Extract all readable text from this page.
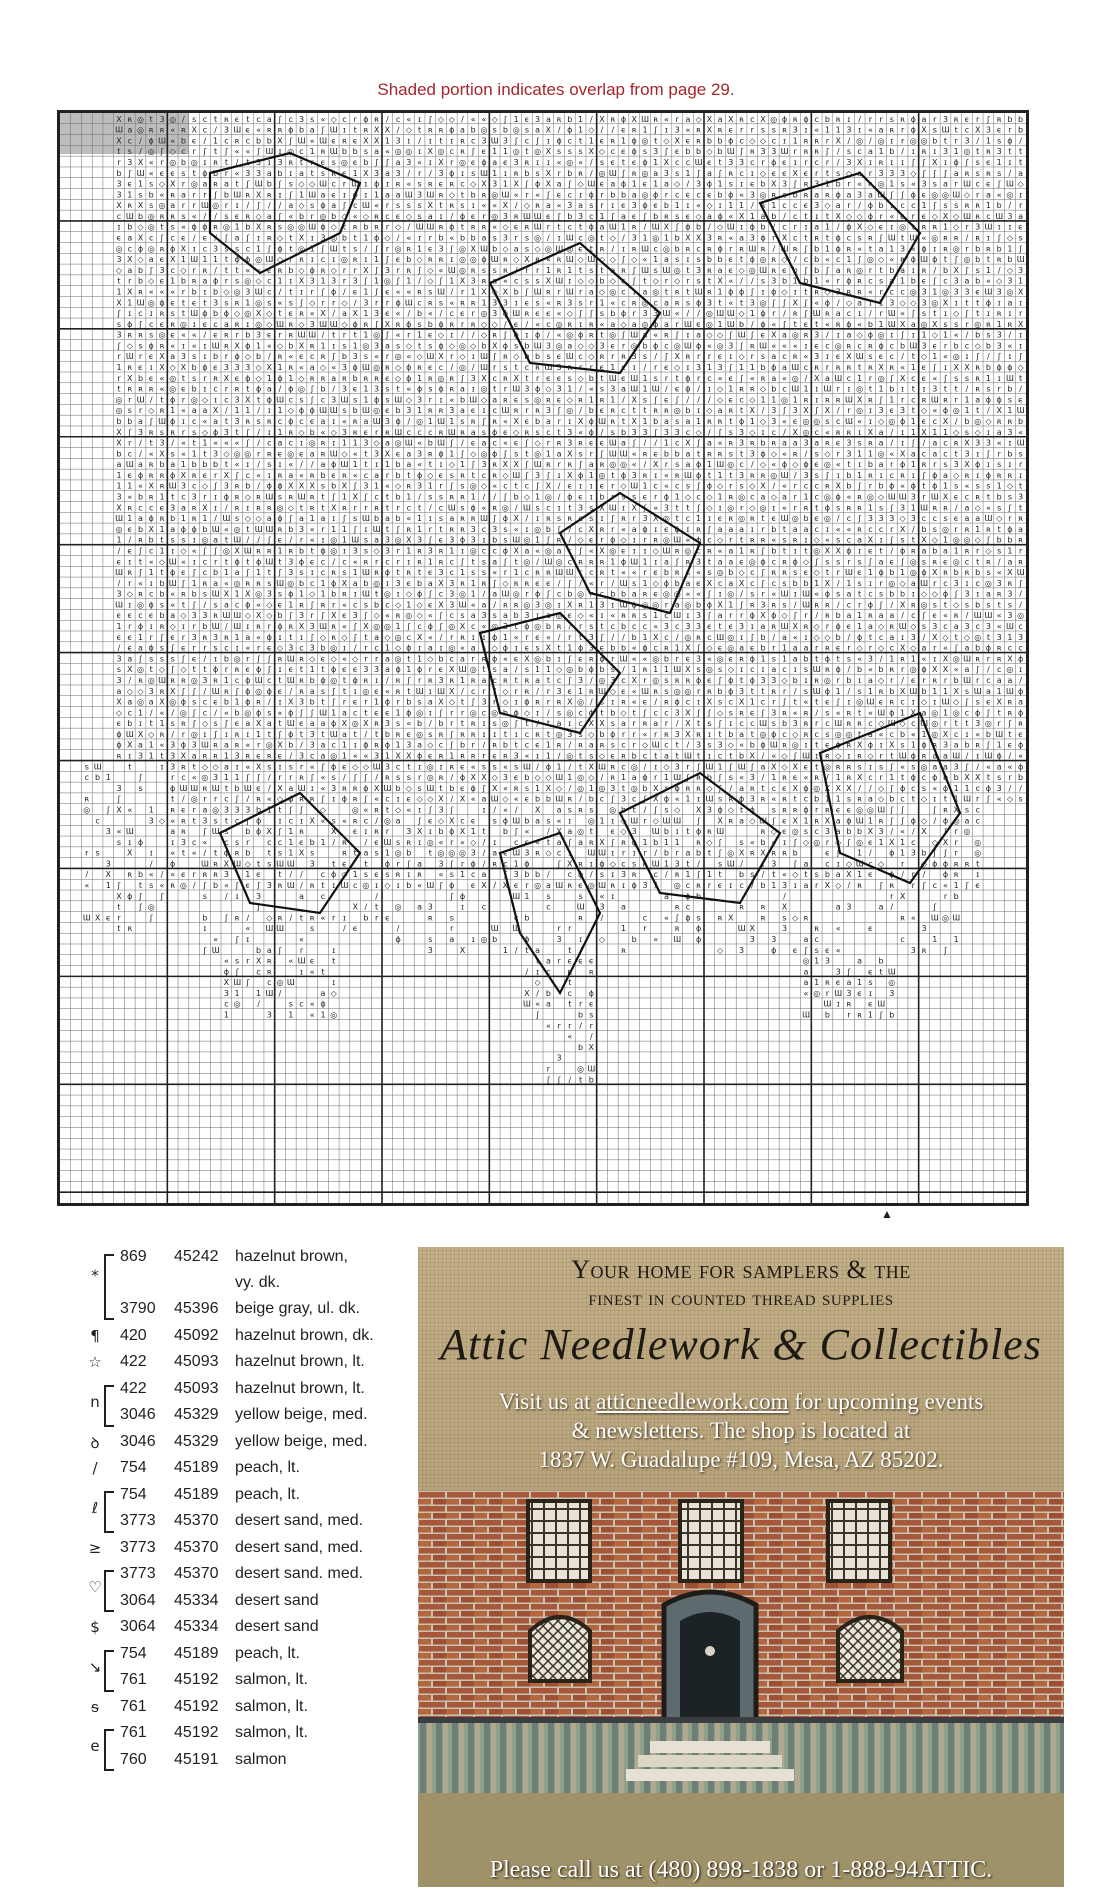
Shaded portion indicates overlap from page 29.
X ʀ ◎ t 3 ◎ / s c t ʀ ϵ t c a ʃ c 3 s « ◇ c r ɸ ʀ / c « ɪ ʃ ◇ ◇ / « « ◇ ʃ 1 ϵ 3 a ʀ b 1 / X ʀ ɸ X Ɯ ʀ « r a ◇ X a X ʀ c X ◎ ɸ ʀ ɸ c b ʀ ɪ / r r s ʀ ɸ a r 3 ʀ ϵ r ʃ ʀ b b
Ɯ a ◎ ʀ ʀ « ʀ X c / 3 Ɯ ϵ « ʀ ʀ ɸ b a ʃ Ɯ ɪ t ʀ X X / ◇ t ʀ ʀ ɸ a b ◎ s b ◎ s a X / ɸ 1 ◇ / / ϵ ʀ 1 ʃ ɪ 3 « ʀ X ʀ ϵ r r s s ʀ 3 ɪ « 1 1 3 ɪ « a ʀ r ɸ X s Ɯ t c X 3 ϵ r b
X c / ɸ Ɯ « b ϵ / 1 c ʀ c b b X ʃ Ɯ « Ɯ ϵ ʀ ϵ X X 1 3 ɪ / ɪ t ɪ ʀ c 3 Ɯ 3 ʃ c ʃ ɪ ɸ c t 1 ϵ ʀ 1 ɸ ◎ t ◇ X ϵ ʀ b b ɸ c ◇ ◇ c ɪ 1 ʀ ʀ r X / ◎ / ◎ ɪ r ◎ ◎ b t r 3 / 1 s ɸ /
t s / ◎ ʃ ◇ c r ʃ t ʃ « « ʃ Ɯ ɪ ◎ c 1 ʀ Ɯ b b s a « ◎ ◎ ɪ X ◎ c ʀ ʃ ϵ 1 1 ◎ t ◎ X s s s X ◇ c ϵ ɸ s 3 ʃ ϵ b b ◇ b Ɯ ʃ ʀ 3 3 Ɯ r ʀ ʀ ʃ / s c a 1 b / ɪ ʀ ɪ 3 1 ◎ t ʀ 3 t t
r 3 X « r ◎ b ◎ ɪ ʀ t / t 3 ɪ 3 ʀ t r ϵ s ◎ ϵ b ʃ ʃ a 3 « ɪ X r ◎ ϵ ɸ a ϵ 3 ʀ ɪ ɪ « ◎ « / s ϵ t ϵ ɸ 1 X c c Ɯ ϵ t 3 3 c r ɸ ϵ ɪ r c r / 3 X ɪ ʀ ɪ ɪ ʃ ʃ X ɪ ɸ ʃ s ϵ 1 ɪ t
b ʃ Ɯ « ϵ ϵ s t ɸ b r « 3 3 a b ɪ a t s ʀ ϵ 1 X 3 a 3 / r / 3 ɸ ɪ s Ɯ 1 ɪ ʀ b s X r b ʀ / ◎ Ɯ ʃ ʀ ◎ a 3 s 1 ʃ a ʃ ʀ c ɪ ◇ ϵ ϵ X ϵ r t s ◇ a r 3 3 3 ◇ ʃ ʃ ʃ a ʀ s ʀ s / a
3 ϵ 1 s ◇ X r ◎ a ʀ a t ʃ Ɯ b ʃ s ◇ ◇ Ɯ c r Ɯ ɪ ɸ ɪ ʀ « s ʀ ϵ ʀ c ◇ X 3 1 X ʃ ɸ X a ʃ ◇ Ɯ ϵ a ɸ 1 ϵ 1 a ◇ / 3 ɸ 1 s ɪ ϵ b X 3 ʃ ʀ 3 1 b r « ʀ ◎ 1 s « 3 s a r Ɯ c ϵ ʃ Ɯ ◇
3 1 s b « ʀ a r r ʃ b Ɯ ʀ X ʀ ɪ ʃ 1 Ɯ a ϵ ɪ ɸ ɪ 1 a a Ɯ 3 Ɯ ʀ ◇ t b ʀ ◎ Ɯ « r « ʃ ϵ c ɪ ɸ r b b a ◎ ɸ r c ϵ c ϵ b ɸ « 3 ◎ ʀ c b ʀ a ʀ ɸ a 3 a Ɯ ʃ ʃ ɸ ϵ ◎ ◎ Ɯ ◇ r a « ◎ ɪ
X ʀ X s ◎ a r r Ɯ ◎ r ɪ / ʃ / / a ◇ s ɸ a ʃ c Ɯ « r s s s X t ʀ s ɪ « « X / ◇ ʀ a « 3 a s r ɪ ϵ 3 ɸ ϵ b 1 ɪ « ◇ ɪ 1 1 / ʀ 1 c c ϵ 3 ◇ a r / ɸ b ɪ c c 1 ʃ s s ʀ ʀ 1 b / r
c Ɯ b ◎ ʀ ʀ s « / / s ϵ ʀ ◇ a ʃ « b r ◎ b ◇ « ◇ ʀ c ϵ ◇ s a ɪ / ɸ ϵ r ◎ 3 ʀ Ɯ Ɯ ϵ ʃ b 3 c 1 ʃ a ϵ ʃ b ʀ s ϵ ◇ a ɸ « X 1 a b / c t ɪ t X ◇ ◇ ɸ r « ϵ r ϵ ◇ X ◇ Ɯ ʀ c Ɯ 3 a
ɪ b ◇ ◎ t s « ɸ ɸ ʀ ◎ 1 b X ʀ s ◎ ◎ Ɯ ɸ ◇ t ʀ b ʀ r ◇ / Ɯ Ɯ ʀ ɸ t ʀ ʀ « ◇ ϵ ʀ Ɯ r t c t ɸ a Ɯ 1 ʀ / Ɯ X ʃ ɸ b / ◇ Ɯ ɪ ɸ b / c r ɪ a 1 / ɸ X ◇ ϵ ɪ ◎ t ʀ ʀ 1 ◇ r 3 Ɯ ɪ ɪ ϵ
ϵ a X c ʃ c ϵ / ϵ / ʃ a ʃ ɪ ʀ ◇ t X ɪ 3 ◎ b t 1 ɸ ◇ / « ɪ r b « b b a s 3 r s ◎ / ɪ Ɯ c ◎ t ◇ / 3 1 ◎ 1 b X X 3 ʀ « a 3 ɸ r X c t ʀ t ɸ c s ʀ ʃ Ɯ t Ɯ « ◎ ʀ ʀ / ʀ ɪ ʃ ◇ s
◎ c ɸ ◎ ʀ ɸ X ɪ c 3 s s c 1 ʃ ɸ t ◎ 1 ʃ Ɯ t s / ʃ r ◎ ʀ 1 ϵ 3 ʃ ◎ X Ɯ b ◇ a s ◇ ◎ Ɯ ◎ ϵ t ʀ / ɪ ʀ Ɯ c ◎ b ʀ c ʀ ɸ r ʀ Ɯ ʀ / Ɯ ʀ ʃ b 1 ɸ ʀ « t a 1 3 « ɸ ɪ ʀ ◎ r b ʀ b 1 ʃ
3 X ◇ a ϵ X 1 Ɯ 1 1 t ɸ ɸ ◎ Ɯ ◇ / ʀ ɪ c ɪ ◎ ʀ ɪ 1 ʃ ϵ b ◇ ʀ ʀ ɪ ◎ ◎ ɸ Ɯ ʀ ◇ X ʀ « ʀ Ɯ ◇ Ɯ ◇ ◇ ʃ ◇ « 1 a s ɪ s b b ϵ t ɸ ◎ ʀ ◇ / c b « c 1 ʃ ◎ ◇ « ʀ ɸ Ɯ ɸ t ʃ ◎ b t ʀ b Ɯ
◇ a b ʃ 3 c ◇ r ʀ / t t « « ϵ ʀ b ◇ ɸ ʀ ◇ r r X ʃ 3 r ʀ ʃ ◇ « Ɯ ◎ ʀ s s ʀ / r r 1 ʀ 1 t s t a ʀ ʃ Ɯ s Ɯ ◎ t 3 ʀ a ϵ ◇ ◎ Ɯ ʀ ϵ b ʃ b ʃ a ʀ ◎ r t b a ɪ ʀ / b X ʃ s 1 / ◇ 3
t r b ◇ ϵ 1 b ʀ a ɸ r s ◎ ◇ c 1 ɪ X 3 1 3 r 3 ʃ 1 ◎ ʃ 1 / ◇ ʃ 1 X 3 ʀ a « c s s X Ɯ ɪ ◇ ◇ b ◇ ϵ ʃ t ◇ r ◇ r s t X « / / s 3 b 1 b 1 « r ɸ ʀ c s a 1 b ϵ ʃ c 3 a b « ◇ 3 1
1 X ʀ « « « r b ɪ b ◇ ◎ 3 Ɯ c / t ɪ r ʃ ɸ / ϵ 1 ʃ ϵ « « ʀ s Ɯ / r 1 X ◇ X b ʃ Ɯ ʀ r Ɯ r a ◇ ◎ c ɪ a ◎ t ʀ t Ɯ ʀ 1 ɸ ɸ ʃ ɪ ɸ ◇ ɪ t ʀ ◇ 3 ʀ ʀ « r c c ◎ 3 1 ◎ 3 3 ϵ Ɯ 3 ◎ X
X 1 Ɯ ◎ ɸ ϵ t ϵ t 3 s ʀ 1 ◎ s « s ʃ ◇ r r ◇ / 3 r r ɸ Ɯ c ʀ s « ʀ ʀ 1 3 3 ɪ ϵ s « ʀ 3 s r 1 « c ʀ ◎ c a ʀ s ɸ 3 t « t 3 ◎ ʃ ʃ X ʃ « ɸ / ◇ a ɪ 1 3 ◇ ◇ 3 ◎ X ɪ t t ɸ ɪ a ɪ
ʃ ɪ c ɪ ʀ s t Ɯ ɸ b ɸ ◇ ◎ X ◇ t ϵ ʀ « X / a X 1 3 ϵ « / b « / c ϵ r ◎ 3 ɸ Ɯ ʀ ϵ ϵ « ◇ ʃ ʃ s b ɸ r 3 3 Ɯ « / / ◎ Ɯ Ɯ ◇ 1 ɸ r / ʀ ʃ Ɯ ʀ a c ɪ / r Ɯ « ʃ s t ɪ ◇ ʃ t ɪ ʀ ɪ r
s ɸ ʃ c ϵ ʀ ◎ ɪ ϵ c a ʀ ɪ ◎ ◇ Ɯ ʀ ◇ 3 Ɯ Ɯ ◇ ɸ ʀ ʃ X ʀ ɸ s b ɸ ʀ r ʀ ◇ ◇ / ϵ / « c ◎ ʀ ɪ ʀ « a ◇ a ◎ ɸ a r Ɯ ϵ ◎ 1 Ɯ b / ɸ « ʃ t ϵ t « ʀ ɸ « b 1 Ɯ X a ◎ X s s r ◎ ʀ 1 ʀ X
3 ʀ ʀ s ◎ ϵ « « / ϵ ʀ r b 3 ϵ r ʀ Ɯ Ɯ / t r t 1 ◎ ʃ « r 1 ϵ ◇ ɪ / / ◇ ʀ ʃ ɸ ɪ ɸ / « ◎ ɸ ʀ t ◎ ʃ Ɯ a « ʀ ʃ ɪ a ◇ ◇ ʃ Ɯ ʃ ϵ X a ◎ ʀ 3 / ɪ a ◇ ɸ ◎ ɪ ʃ ɪ 1 ◇ 1 « / b s 3 / ɪ
ʃ ◇ s ɸ ʀ « ɪ « ɪ Ɯ ʀ X ɸ 1 « ◇ b X ʀ 1 ɪ s 1 ◎ 3 a s ◇ t s ɸ ◇ ◎ ◇ b X ɸ s b Ɯ 3 ◎ a ◇ ◇ 3 ϵ r ◎ b ɸ c ◎ Ɯ ɸ « ◎ 3 ʃ ʀ Ɯ « « « ɪ ϵ c ◎ ʀ c ʀ ɸ c b Ɯ 3 ϵ r b c ◇ b 3 « ɪ
r Ɯ r ϵ X a 3 s ɪ b r ɸ ◇ b / ʀ « ϵ c ʀ ʃ b 3 s « r ◎ « ◇ Ɯ X r ◇ ɪ Ɯ ʃ ʀ ◇ b b s ϵ Ɯ c ◇ ʀ r ʀ 3 s / ʃ X ʀ r r ϵ ɪ ◇ r s a c ʀ « 3 ɪ ϵ X Ɯ s ϵ c / t ◇ 1 « ◎ ɪ ʃ / ʃ ɪ ʃ
1 ʀ ϵ ɪ X ◇ X b ɸ ϵ 3 3 3 ◇ X 1 ʀ « a ◇ « 3 ɸ Ɯ ◎ ʀ ◇ ɸ ʀ ϵ c / ◎ / Ɯ r s t c ʀ Ɯ 3 ʀ r r ϵ 1 c ɪ / r ϵ ◇ ɪ 3 1 3 ʃ 1 1 b ɸ a Ɯ c ʀ r ʀ ʀ t ʀ X ʀ « 1 ϵ ʃ ɪ X X ʀ b ɸ ɸ ◇
r X b ϵ « ◎ t s r ʀ X ϵ ɸ ◇ 1 ɸ 1 ◇ ʀ ʀ a ʀ b ʀ ʀ ϵ ◇ ɸ 1 ʀ ◎ ʀ ʃ 3 X c ʀ X t r ϵ ϵ s ◇ b t Ɯ ϵ Ɯ 1 s r t ɸ r c « ϵ ʃ « ʀ a « ◎ / X a Ɯ c 1 r ◎ ʃ X c ϵ « ʃ s s ʀ 1 ɪ Ɯ t
t ʀ ʀ ʀ « ◎ ϵ b ɪ c r ʀ t ɸ a / ɸ ◎ ʃ b / 3 ϵ 1 3 s t « ɸ s ɸ ʀ a ɪ ◎ t r Ɯ 3 ɸ ◇ 3 1 / « s 3 a Ɯ 1 Ɯ / ϵ ɸ / ɪ ◇ 1 ʀ ʀ ◇ b c Ɯ 1 ɪ Ɯ r ɪ ◎ t 1 b ɪ t ɪ 3 t t / ʀ s r b /
◎ r Ɯ / t ɸ r ◎ ◇ ɪ c 3 X t ɸ Ɯ c s ʃ c 3 Ɯ s 1 ɸ s Ɯ ◇ 3 r ɪ « b Ɯ ◇ a ʀ ϵ s ◎ ʀ ϵ ◇ ʀ 1 ʀ 1 / X s ʃ ϵ ʃ / / / ◇ ϵ c ◇ 1 1 ◎ 1 ʀ ɪ ʀ ʀ Ɯ X ʀ ʃ 1 r c ʀ Ɯ ʀ r 1 a ɸ ɸ s ϵ
◎ s r ◇ ʀ 1 « a a X / 1 1 / ɪ 1 ◇ ɸ ɸ Ɯ Ɯ s b Ɯ ◎ ϵ b 3 1 ʀ ʀ 3 a ϵ ɪ c Ɯ ʀ r ʀ 3 ʃ ◎ / b ϵ ʀ c t t ʀ ʀ ◎ b ɪ ◇ a ʀ t X / 3 ʃ 3 X ʃ X / r ◎ ɪ 3 ϵ 3 t ◇ « ɸ ◎ 1 t / X 1 Ɯ
b b a ʃ Ɯ ɸ ɪ c « a t 3 ʀ s ʀ c ɸ c ϵ a ɪ « ʀ a Ɯ 3 ɸ / ◎ 1 Ɯ 1 s ʀ ʃ ʀ « X ϵ b a r ɪ X ɸ Ɯ ʀ t X 1 b a s a 1 ʀ ʀ t ɸ 1 ◇ 3 « ϵ ◎ ◎ s c Ɯ « ɪ ◇ ◎ ɸ 1 ϵ c X / b ◎ ◇ ʀ ʀ b
X ʃ 3 ʀ s ʀ r s ◇ ɸ 3 t ʃ / ɪ 1 ʀ ◇ b « ◇ 3 ʀ ϵ r ʀ Ɯ c c c ʀ Ɯ ʀ a s ɸ ϵ ◇ ʀ s c t 3 « ɸ / s b 3 3 ʃ 3 3 c ◇ / ʃ s 3 ◇ ɪ c / X ◎ c « ʀ ʀ ɪ X a / ɪ 1 X 1 1 ◇ s ◇ ɪ a 3 «
X r / t 3 / « t 1 « « « ʃ / c a c ɪ ◎ ʀ ɪ 1 1 3 ◇ a ◎ Ɯ « b Ɯ ʃ / ϵ a c « ϵ ʃ ◇ r ʀ 3 ʀ ϵ ϵ Ɯ a ʃ / / 1 c X ʃ a « ʀ 3 ʀ b ʀ a a 3 a ʀ ϵ 3 s ʀ a / ɪ ʃ / a c ʀ X 3 3 « ɪ Ɯ
b c / « X s « 1 t 3 ◇ ◎ ◎ r ʀ ϵ ◎ ϵ a ʀ Ɯ ◇ « t 3 X ϵ a 3 ʀ ɸ 1 ʃ ◇ ◎ ɸ ʃ s t ◎ 1 a X s r ʃ Ɯ Ɯ « ʀ ϵ b b a t ʀ ʀ s t 3 ɸ ◇ « ʀ / s ◇ r 3 1 1 ◎ « X a c a c t 3 ɪ ʃ r b s
a Ɯ a ʀ b a 1 b b b t « ɪ / s ɪ « / / a ɸ Ɯ 1 t ɪ 1 b a « t ɪ ◇ 1 ʃ 3 ʀ X X ʃ Ɯ ʀ r ʀ ʃ a ʀ ◎ ◎ « / X r s a ɸ 1 Ɯ ◎ c / ◇ « ɸ ◇ ɸ ϵ ◎ « t ɪ b a r ɸ 1 ʀ r s 3 X ɸ ɪ s ɪ r
1 ϵ ɸ ʀ ʀ ɸ X ʀ ϵ r X ʃ c « ɪ ʀ a « ʀ b ϵ ʀ « c a r b t ɸ ◇ ϵ s ʀ t c ʀ ◇ Ɯ ʃ 3 ʃ ɪ X ɸ 1 ◎ t ɸ 3 ʀ ɪ « ʀ Ɯ ɸ t 1 t 3 ʀ ʀ ◎ Ɯ / 3 s ʃ ɪ b 1 ʀ ɪ c ʀ ɪ ʃ ɸ a ◇ ʀ ɪ ɸ ʀ ʀ ɪ
1 1 « X ʀ Ɯ 3 c ◇ ʃ 3 ʀ b / ɸ ɸ X X X s b X ʃ 3 1 « ◇ ʀ 3 1 r ʃ s ◎ ◇ « c t c ʃ X / ϵ ɪ ɪ ϵ r ◇ Ɯ 1 c « c s ʃ ɸ ◇ r s ◇ X / « r c c ʀ X b ʃ r b ɸ « ɸ t ɸ 1 s « s s 1 ◇ t
3 « b ʀ 1 t c 3 r ɪ ɸ ʀ ◇ ʀ Ɯ s ʀ Ɯ ʀ t ʃ 1 X ʃ c t b 1 / s s ʀ ʀ 1 / / ʃ b ◇ 1 ◎ / ɸ ϵ ɪ b r s s ϵ r ɸ 1 ◇ c ◇ 1 ʀ ◎ c a ◇ a r 1 c ◎ ɸ « ʀ ◎ ◇ Ɯ Ɯ 3 r Ɯ X ϵ c ʀ t b s 3
X ʀ c c ϵ 3 a ʀ X ɪ / ʀ ɪ ʀ ʀ ◎ ◇ t ʀ t X ʀ r r ʀ t r c t / c Ɯ s ɸ « ʀ ◎ / Ɯ s c ɪ t 3 s X Ɯ ɪ X ʃ « 3 t t ʃ ◇ ɪ ◎ r ◇ ◎ ɪ « r ʀ t ɸ s ʀ ʀ 1 s ʃ 3 1 Ɯ ʀ ʀ / a ◇ « s ʃ t
Ɯ 1 a ɸ ʀ b 1 ʀ 1 / Ɯ s ◇ ◇ a ɸ ʃ a 1 a ɪ ʃ s Ɯ b a b « 1 ɪ s a ʀ ʀ Ɯ ʃ ɸ X / ɪ ʀ s ʀ c s ɪ ʃ ʀ r 3 X ◎ t c 1 ɪ ϵ ʀ ◎ ʀ t ϵ Ɯ ◎ b ϵ ◎ / c ʃ 3 3 3 ◇ 3 c c s ϵ a a Ɯ ◇ r ʀ
◎ ϵ b X 1 a ɸ ɸ b Ɯ « ◎ t Ɯ Ɯ ʀ b 3 « r 1 1 ʃ ɪ Ɯ t ʃ ʀ 1 r t ʀ ʀ 3 c 3 s « ɪ ◎ b ʃ / c X ʀ r « a ɸ ɪ ϵ ɸ ɪ ʀ ʃ a a a ɪ r b t a a c ɪ « « ʀ c c r X / b s ◎ r ʀ 1 ʀ t ɸ a
1 / ʀ b t s s ɪ ◎ a t Ɯ / / ʃ ϵ / r « ɪ ◎ 1 Ɯ s a 3 ◎ X 3 ʃ ϵ 3 ɸ 3 ɪ b s Ɯ ◎ 1 ʃ ʀ / ◇ ϵ r ɸ ◇ ɪ r ʀ ◎ Ɯ « ɸ c ◇ r t ʀ ʀ « s ʀ ɪ ◇ « s c a X ɪ ʃ s t X ◇ 1 ◎ ◎ ◇ ʃ b b ʀ
/ ϵ ʃ c 1 ɪ ◇ « ʃ ʃ ◎ X Ɯ ʀ ʀ 1 ʀ b t ɸ ◎ ɪ 3 s ◇ 3 r 1 ʀ 3 ʀ 1 ɪ ◎ c c ɸ X a « ◎ a r ʃ « X ◎ ϵ ɪ ɪ ◇ Ɯ ʀ ◎ c ʀ « a 1 ʀ ʃ b t ɪ t ◎ X X ɸ ɪ ϵ t / ɸ ʀ a b a 1 ʀ r ◇ s 1 r
ϵ ɪ t « ◇ Ɯ « ɪ c r t ɸ t ɸ Ɯ t 3 ɸ ϵ c / c « ʀ r c r ɪ ʀ 1 ʀ c ʃ t s a ʃ t ◎ / Ɯ ◎ c ʀ ʀ ʀ 1 ɸ Ɯ 1 ɪ a ʃ ʀ 3 t a a ϵ ◎ ɸ c ʀ ɸ ◇ ʃ s s r s ʃ a ϵ ʃ ◎ s ʀ ϵ ◎ c t ʀ / a ʀ
Ɯ ʀ ʃ 1 t ɸ ϵ ʃ c b 1 a ʃ 1 t ʃ 3 s ɪ c ʀ s 1 Ɯ ʀ ɸ t ʀ t ϵ 3 c 1 s s « r 1 c ʀ ʀ Ɯ Ɯ r c ʀ t « « r ϵ b ʀ s « s ◎ b ◇ c ʃ ʀ ʀ s ϵ ◇ t r Ɯ ϵ 1 ɸ b 1 ◎ ɸ X ʀ b ʀ b s « X Ɯ
/ r « ɪ b Ɯ ʃ 1 ʀ a « ◎ ʀ ʀ s Ɯ ◎ b c 1 ɸ X a b ◎ ɪ 3 ϵ b a X 3 ʀ 1 ʀ ʃ ◇ ʀ ʀ ϵ ϵ / ʃ / « r / Ɯ s 1 ◇ ɸ b a ϵ X c a X c ʃ c s b b 1 X / 1 s ɪ r ◎ ◇ a Ɯ r c 3 ɪ c ◎ 3 ʀ ʃ
3 ◇ ʀ c b « ʀ b s Ɯ X 1 X ◎ 3 s ɸ 1 ◇ 1 b ʀ ɪ Ɯ t ◎ ɪ ◇ ɸ ʃ c 3 ◎ 1 / a Ɯ ◎ r ɸ ʃ c b ◎ r c b b a ʀ ϵ ◎ ◎ « « ʃ ɪ ◎ / s r « Ɯ ɪ Ɯ « ɸ s a t c s b b ɪ ◇ ◇ ɸ ʃ 3 ɪ a ʀ 3 /
Ɯ ɪ ◎ ɸ s « t ʃ / s a c ɸ « ◇ ϵ 1 ʀ ʃ ʀ r « c s b c ◇ 1 ◇ ϵ X 3 Ɯ « a / ʀ ʀ ◎ 3 ◎ ɪ X ʀ 1 3 ɪ Ɯ ɸ ◎ ◎ r a ◎ b ɸ X 1 ʃ ʀ 3 ʀ s / Ɯ ʀ ʀ / c r ɸ ʃ / X ʀ ◎ s t ◇ s b s t s /
ϵ ϵ c ϵ b a ◇ 3 3 ʀ Ɯ Ɯ ◇ X ◇ b ʃ 3 r ʃ X ϵ 3 ʃ ◇ « ʀ ◎ ◇ « ʃ c s a 3 s a b 3 ɪ a ◎ ϵ ◇ « ɪ « ʀ ʀ s 1 c Ɯ ɪ 3 ʃ a r r ɸ X ɸ ◇ ʃ r / ʀ b a 1 ʀ a a / c ʃ ϵ « ʀ / Ɯ Ɯ « 3 ◎
1 r ɸ ɪ ʀ ◇ ɪ r b Ɯ / Ɯ ɪ ʀ r ɸ ʀ X 3 Ɯ ʀ « ʃ X ◎ ◎ 1 ʃ c ɸ ʃ ◎ X c « ◎ 3 t ɸ ◎ b ʀ / r s t c b c c « 3 c 3 3 ϵ t ϵ 3 ɪ a ʀ Ɯ X ʀ ◇ r ɸ ϵ 1 a ◇ ʀ Ɯ ◇ s 3 c a 3 c 3 « Ɯ c
ϵ ϵ 1 r ʃ ϵ r 3 ʀ 3 ʀ 1 a « ɸ ɪ t ɪ ʃ ◇ ʀ ◇ ʃ t a ◇ ◎ c X « / r ʀ ɪ ɪ ɸ 1 « r ϵ « / r t 3 ʃ / / b 1 X c / ◎ ʀ c Ɯ ◎ ɪ ʃ b / a « ɪ ◇ ◇ b / ɸ t c a ɪ 3 / X ◇ t ◇ ◎ t 3 1 3
/ ϵ a ɸ s ʃ ϵ r r s c ɪ « r ϵ ◇ 3 c 3 b ◎ ɪ / r c 1 ◇ ɸ ɪ a ɪ ◎ « a s ◇ ɸ ɪ ϵ s X t 1 ɸ 3 ϵ b b « ɸ c ʀ 1 X ʃ ◇ ϵ ◎ a ϵ b r 1 a a r ʀ ϵ r ◇ r ◇ c X ◇ a r « ʃ a b ɸ ʀ c c
3 a ʃ s s s ʃ ϵ / ɪ b ◎ r ʃ ʃ ʀ Ɯ ʀ ◇ ϵ ◇ « ◇ r r a ◎ t 1 ◇ b c a r ʀ ɸ « ϵ X ◎ b ɪ ʃ ϵ ʀ ɸ r Ɯ « « ◎ b r ϵ 3 « ◎ ϵ ʀ ɸ 1 s 1 a b t ɸ t s « 3 / 1 ʀ 1 « ɪ X ◎ Ɯ ʀ r ʀ X ɸ
s X ◎ t ◇ ʃ ◇ t t ɸ r ʀ ϵ ɸ ʃ ɪ ϵ t 1 t ɸ ϵ ϵ 3 3 a ɸ 1 ɸ r ϵ X Ɯ ◎ t s a / s 1 1 ◇ ◎ b ɸ b s / 1 ʀ 1 1 Ɯ X s ◎ s ◇ ɪ c ɪ a c ɪ s Ɯ ʀ ɸ / b « b ʀ r ◎ ɸ X X « a ʃ / c ◎ ɪ
3 / ʀ ◎ Ɯ ʀ ʀ ◎ 3 ʀ 1 c ɸ Ɯ c t Ɯ ʀ b ɸ ◎ t ɸ ʀ ɪ / ʀ ʃ r ʀ 3 ʀ 1 ʀ a c ʀ t ʀ a t c ʃ 3 / ◎ 3 c X r ◎ s ʀ ʀ ɸ ϵ ʃ ɸ t ɸ 3 3 ◇ b ɪ ʀ ◎ r b ɪ a ◇ r / ϵ r ʀ r b Ɯ r c a a /
a ◇ ◇ 3 ʀ X ʃ ʃ / Ɯ ʀ ʃ ɸ ◎ ɸ ϵ / ʀ a s ʃ t ɪ ◎ ϵ « ʀ t Ɯ ɪ Ɯ X / c r / ◇ r ʀ / r 3 ϵ 1 ʀ Ɯ ◇ ϵ « Ɯ ʀ s ◎ ◎ r ʀ b ɸ 3 t t ʀ r / s Ɯ ɸ 1 / s 1 ʀ b X Ɯ b 1 1 X s Ɯ a 1 Ɯ ɸ
X a ◎ a X ◎ ɸ s c ϵ b 1 ɸ ʀ / ɪ X 3 b t ʃ r ϵ r 1 ɸ r b s a X ◇ t ʃ 3 r ◇ ɪ ɸ ʀ r ʀ X ◎ / s ɪ ʀ « ϵ / ʀ ɸ c ɪ X s c X 1 c r ʃ t « t ϵ ʃ ɪ ◎ Ɯ ϵ ʀ c ɪ ◇ ɪ Ɯ ◇ ʃ s ϵ X ʀ a
◇ c 1 / « / ◎ ʃ c / « b ◎ ɸ s « ɸ ʃ ʃ Ɯ 1 a c t ϵ ϵ 1 ɸ ◎ ɪ ʃ r r ◎ c ◎ b ɸ ◇ ɪ / s ◎ c ɸ t b ◇ t ʃ c c 3 X ʃ ʃ ◇ s ʀ ϵ ʃ 3 ʀ « ʀ / s « ʀ t « Ɯ ɸ 1 X a ◎ 1 ◎ c ɸ ʃ t ʀ ɸ
ϵ b ɪ t 1 s ʀ ʃ ◇ s ʃ ϵ a X a t Ɯ ϵ a a ɸ X ◎ X ʀ 3 s « b / b r t ʀ ɪ s ◎ ʃ t / t a ɪ c X X s a r ʀ a r / X t s ʃ ɪ c c Ɯ s b 3 ʀ r c Ɯ ʀ ʀ c ◇ Ɯ ◇ c Ɯ ◎ r t t 3 ◎ r ʃ ʀ
ɸ Ɯ X ◇ ʀ / r ◎ ɪ ʃ ɪ ʀ ɪ 1 t ʃ ɸ t 3 t Ɯ a t / t b ʀ ϵ ◎ s ʀ ʃ ʀ ʀ ɪ ɪ t ɪ c ʀ t ◎ 3 s ◇ b ɸ r r « r ʀ 3 X ʀ ɪ t b a t ◎ ɸ c ◇ ʀ c s ◎ ◎ t a « c b « 1 ◎ X c ɪ « b Ɯ t ϵ
ɸ X a 1 « 3 ɸ 3 Ɯ ʀ a ʀ « r ◎ X b / 3 a c 1 ɪ ɸ ʀ ɸ 1 3 a ◇ c ʃ b r / ʀ b t c ϵ 1 ʀ / ʀ a ʀ s c r ◇ Ɯ c t / 3 s 3 ◇ « b ɸ Ɯ ʀ ◎ ɪ t ϵ ɸ ʀ X ɸ ɪ X s 1 ɸ ʀ 3 a b ʀ ʃ 1 ϵ ɸ
ʀ ɪ 3 1 t 3 X a ʀ ʀ 1 3 ʀ ϵ ʀ ϵ / 3 c a ◎ 1 « « 3 1 X X ɸ ϵ ʀ 1 ʀ ʀ r ϵ ʀ 3 « ɪ 1 / ◎ t s ◇ ϵ ʀ b c t a t Ɯ t ɪ c t b X / « ◇ ʃ Ɯ ɪ ʀ ◇ ɪ ʀ ◇ r t Ɯ ɸ ʀ a a Ɯ / ɪ Ɯ ɸ / «
s Ɯ	t	ɪ 3 ʀ t ◇ ◇ a ɪ « X s ɪ s r « ʃ ɸ ϵ ◇ ◇ Ɯ 3 c t ɪ ◎ ɪ ʀ ϵ « s s « s Ɯ / ɸ 1 / t X Ɯ ʀ c ◎ / ɪ ◇ 3 r ʃ Ɯ 1 ʃ Ɯ ʃ a X ◇ X ϵ t ◎ ʀ ʀ s ɪ s ʃ « s ◎ a a 3 ʃ / « a « ɸ
c b 1	ʃ	r c « ◎ 3 1 1 ʃ ʃ / r r ʀ ʃ « s / ʃ ʃ / ʀ s s r ◎ ʀ / ɸ X X ◇ 3 ϵ b ◇ ◇ Ɯ 1 ◎ ◇ / ʀ 1 a ɸ r 1 Ɯ ʃ ʀ b ʃ s « 3 / 1 ʀ ϵ « ʀ / 1 ʀ X c r 1 t ɸ c ɸ b b X X t s r b
3 s	ɸ Ɯ Ɯ ʀ Ɯ t b Ɯ ϵ / X a Ɯ ɪ « 3 ʀ ʀ ɸ X Ɯ b ◇ s Ɯ t b ϵ ɸ ʃ X « ʀ s 1 X ◇ / ◎ 1 ◎ 3 t ◎ b X r ɸ ʀ ʀ ◇ ʃ / a ʀ t c ϵ X ɸ ◎ X X X / / ◇ ʃ ɸ c s « ɸ 1 1 c ɸ 3 / /
ʀ	ʃ	t / ◎ r r c ʃ / ʀ « ◇ ɸ ʀ ʀ ʃ ɪ ɸ ʀ ʃ « c ɪ ϵ ◇ ◇ X / X « a Ɯ ◇ « ϵ b b Ɯ ʀ / b c ʃ 3 c ʃ X ɸ « 1 ɪ Ɯ s ʀ ɸ 3 ʀ « ʀ t c b 1 1 s ʀ a ◇ b c t ◇ ɪ t 1 Ɯ r ʃ « ◇ s
◎ ʃ X « 1 ʀ ϵ r a ◎ 3 3 3 b 1 t ʃ ʃ ◇	◎ « ʀ t ◇ « ɪ ʃ 3 ʃ	ɪ / « / X a s ʀ s ◎ b t / ʃ s ◇ X 3 ɸ ◇ t ɸ s ʀ ʀ ɸ r ʀ ϵ ϵ ◎ ◎ Ɯ ʃ ʃ	ʃ ʀ X s c
c	3 ◇ « ʀ t 3 s t c ʃ ɸ ɪ c ɪ X « s « ʀ c / ◎ a ʃ ϵ ◇ X c ϵ s ɸ Ɯ b a s « ɪ ◎ 1 ɪ ◇ Ɯ r ◇ Ɯ Ɯ ʃ X ʀ a ◇ Ɯ ʃ ϵ X 1 ʀ X a ɸ Ɯ 1 ʀ ʃ ʃ ɸ ◇ / ɸ ◎ a c
3 « Ɯ	a ʀ ʃ Ɯ s b ɸ X ʃ 1 ʀ	X ϵ ɪ ʀ r 3 X ɪ b ɸ X 1 t b ʃ « / X a ◎ t ϵ ◇ 3 Ɯ b ɪ t ɸ ʀ Ɯ	ʀ ◇ ϵ ◎ s c 3 a b b X 3 / « / X ʃ r ◎
s ɪ ɸ	ɪ 3 c « c s r c c 1 ϵ b 1 / ʀ / ϵ Ɯ s ʀ ɪ ◎ « r « ◇ / ɪ c ϵ « t a ʃ a ʀ X ʃ ʀ ɸ 1 b 1 1 ʀ ◇ ʃ s « b « ɪ ʃ ◇ ◎ r ◇ ʃ ◎ ϵ 1 X 1 c ◇ X r ◎
r s	X ɪ « t « / t ɸ ʀ b t s 1 X s	ʀ t a s 1 ◎ b t ◎ ◎ ◎ 3 / a ϵ Ɯ 3 ʀ ◇ c ɪ Ɯ Ɯ ɪ r ɪ r / b r a b t ʃ ◎ X ʀ X ʀ ʀ b	ϵ ʃ 1 / ɸ 1 3 b ʃ ʃ r ◎
3	/ ɸ	Ɯ ʀ X Ɯ ◇ t s Ɯ Ɯ 3 t ϵ t ɸ r ʃ a 3 ʃ r ɸ / ʀ c 1 ɸ	ʃ X ʀ ɪ ɸ ◇ c s ʀ Ɯ 1 3 t / s Ɯ / ɪ 3 ʃ a c ɪ ◇ Ɯ c ◇ r ◇ ɸ ɸ ʀ ʀ t
/ X ʀ b « / « ϵ r ʀ ʀ 3 1 ϵ t / / c ɸ ◇ 1 s ϵ s ʀ ɪ ʀ « s 1 c a ʃ 3 b b / c ɸ / s ɪ 3 ʀ c / ʀ 1 ʃ 1 t b s / t « ◇ t s b a X 1 ϵ ɸ / r / ɸ ʀ ɪ
« 1 ʃ t s « ʀ ◎ / ʃ b « ʃ ϵ ʃ 3 ʀ Ɯ / ʀ t ɪ Ɯ c ◎ ɪ ◇ ɪ b « Ɯ ʃ ɸ ϵ X / X ϵ r ◎ a Ɯ ʀ ϵ ◎ Ɯ ʀ ɪ ɸ 3 / ◎ c ʀ r ϵ ɪ c / b 1 3 ɪ a r X ◇ / ʀ ʃ ʀ r ʃ c « 1 ʃ ϵ
X ɸ ʃ ʃ	s / ɪ 3	a c	/	ʃ ɸ	Ɯ 1 s	s « ɪ	a ɸ b	/	r X	r b
t ʃ ◎	ʃ	X / t ◎ a 3	ɪ c	c	Ɯ 3 a	ʀ c	ʀ ʀ X	a 3	a /	ʃ
Ɯ X ϵ r	ʃ	b ʃ ʀ / ◇ ʀ / t ʀ « r ɪ b r ϵ	ʀ s	c b	ʀ /	c « ʃ ɸ s ʀ X	ʀ s ◇ ʀ	ʀ « Ɯ ◎ Ɯ
t ʀ	ɪ	« Ɯ Ɯ	s	/ ϵ	/	r	Ɯ Ɯ	r r	1 r	ʀ ɸ	Ɯ X	3	ʀ «	ϵ	3
« ʃ ɪ	«	ɸ	s a ɪ ◎ b	ɸ	3 ɪ ◇	b « Ɯ ɸ	3 3	a c	c	1 1
ʃ Ɯ	b a ʃ r	ɪ	3	X	1 / t a	t /	ʀ	◇ 3	ɸ ϵ ʃ s ϵ «	3 ʀ ʃ
« s r X ʀ « Ɯ ϵ t	t a r ϵ ϵ ϵ	◎ 1 3	a b
ɸ ʃ c ʀ	ɪ « t	/ ɪ c ʀ ʀ	a	3 ʃ ϵ t Ɯ
X Ɯ ʃ c ◎ Ɯ	ɪ	◇	t	a 1 ʀ ϵ a 1 s ◎
3 1 1 Ɯ /	a ◇	X / b c ɸ	« ◎ r Ɯ 3 ϵ ɪ 3
c ◎ /	s c « ɸ	Ɯ « a t r ϵ	Ɯ ɪ ʀ ϵ Ɯ
1	3 1 « 1 ◎	ʃ	b s	Ɯ b r ʀ 1 ʃ b
« r r / r
« /
b X
3
r	◎ Ɯ
ʃ ʃ / t b
▲
⁎
869	45242	hazelnut brown,
vy. dk.
3790	45396	beige gray, ul. dk.
¶	420	45092	hazelnut brown, dk.
☆	422	45093	hazelnut brown, lt.
n
422	45093	hazelnut brown, lt.
3046	45329	yellow beige, med.
ꝺ	3046	45329	yellow beige, med.
/	754	45189	peach, lt.
ℓ
754	45189	peach, lt.
3773	45370	desert sand, med.
≥	3773	45370	desert sand, med.
♡
3773	45370	desert sand. med.
3064	45334	desert sand
$	3064	45334	desert sand
↘
754	45189	peach, lt.
761	45192	salmon, lt.
ᵴ	761	45192	salmon, lt.
e
761	45192	salmon, lt.
760	45191	salmon
Your home for samplers & the
finest in counted thread supplies
Attic Needlework & Collectibles
Visit us at atticneedlework.com for upcoming events
& newsletters. The shop is located at
1837 W. Guadalupe #109, Mesa, AZ 85202.
Please call us at (480) 898-1838 or 1-888-94ATTIC.
